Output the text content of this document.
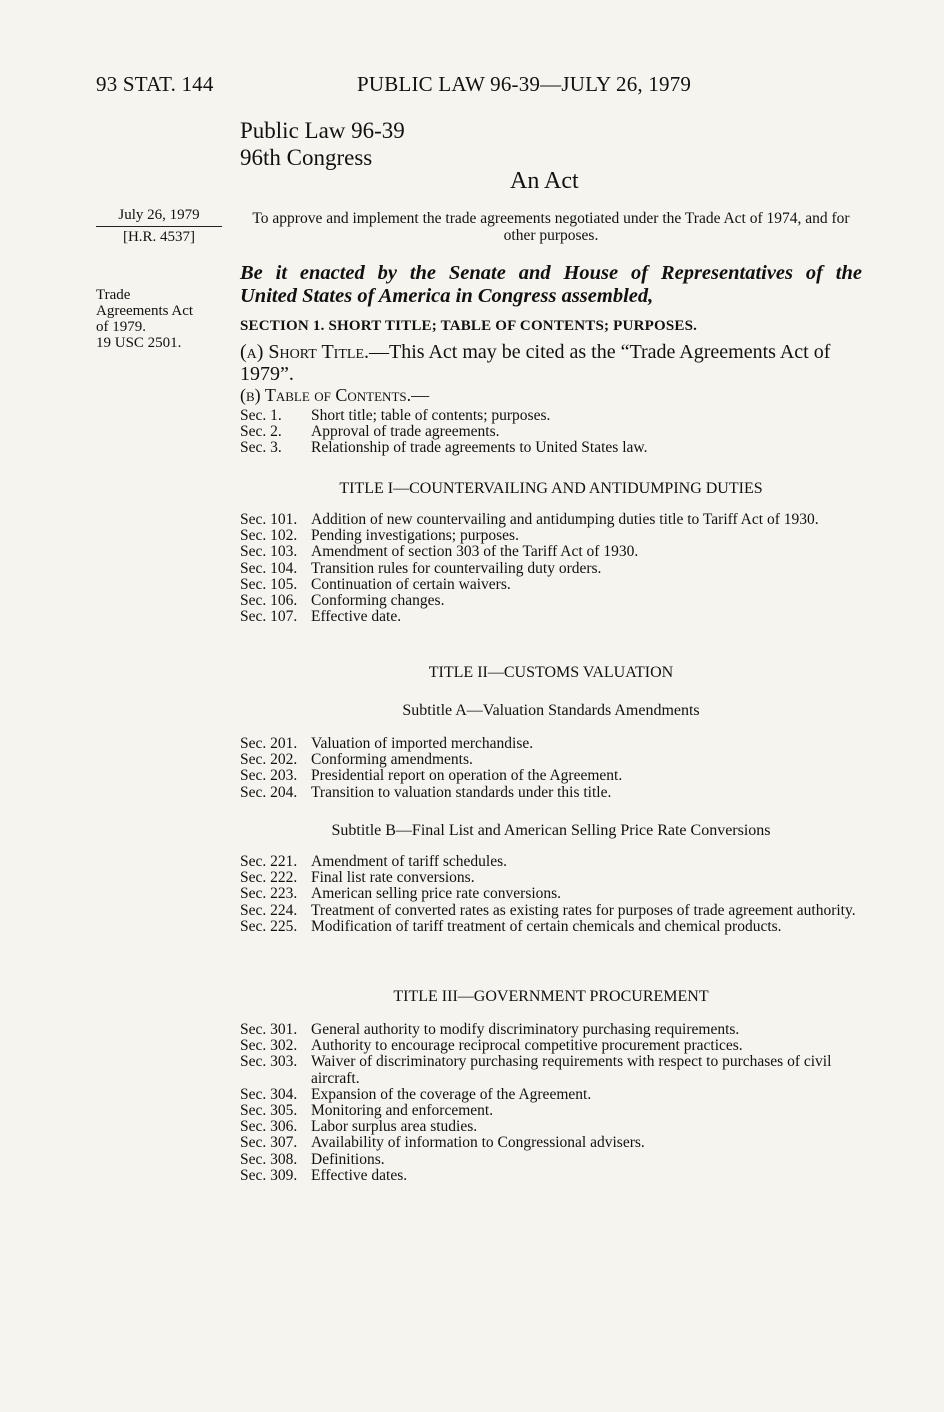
93 STAT. 144	PUBLIC LAW 96-39—JULY 26, 1979
Public Law 96-39
96th Congress
An Act
July 26, 1979
[H.R. 4537]
Trade
Agreements Act
of 1979.
19 USC 2501.
To approve and implement the trade agreements negotiated under the Trade Act of 1974, and for other purposes.
Be it enacted by the Senate and House of Representatives of the
United States of America in Congress assembled,
SECTION 1. SHORT TITLE; TABLE OF CONTENTS; PURPOSES.
(a) Short Title.—This Act may be cited as the “Trade Agreements Act of 1979”.
(b) Table of Contents.—
Sec. 1.	Short title; table of contents; purposes.
Sec. 2.	Approval of trade agreements.
Sec. 3.	Relationship of trade agreements to United States law.
TITLE I—COUNTERVAILING AND ANTIDUMPING DUTIES
Sec. 101. Addition of new countervailing and antidumping duties title to Tariff Act of 1930.
Sec. 102. Pending investigations; purposes.
Sec. 103. Amendment of section 303 of the Tariff Act of 1930.
Sec. 104. Transition rules for countervailing duty orders.
Sec. 105. Continuation of certain waivers.
Sec. 106. Conforming changes.
Sec. 107. Effective date.
TITLE II—CUSTOMS VALUATION
Subtitle A—Valuation Standards Amendments
Sec. 201. Valuation of imported merchandise.
Sec. 202. Conforming amendments.
Sec. 203. Presidential report on operation of the Agreement.
Sec. 204. Transition to valuation standards under this title.
Subtitle B—Final List and American Selling Price Rate Conversions
Sec. 221. Amendment of tariff schedules.
Sec. 222. Final list rate conversions.
Sec. 223. American selling price rate conversions.
Sec. 224. Treatment of converted rates as existing rates for purposes of trade agreement authority.
Sec. 225. Modification of tariff treatment of certain chemicals and chemical products.
TITLE III—GOVERNMENT PROCUREMENT
Sec. 301. General authority to modify discriminatory purchasing requirements.
Sec. 302. Authority to encourage reciprocal competitive procurement practices.
Sec. 303. Waiver of discriminatory purchasing requirements with respect to purchases of civil aircraft.
Sec. 304. Expansion of the coverage of the Agreement.
Sec. 305. Monitoring and enforcement.
Sec. 306. Labor surplus area studies.
Sec. 307. Availability of information to Congressional advisers.
Sec. 308. Definitions.
Sec. 309. Effective dates.
